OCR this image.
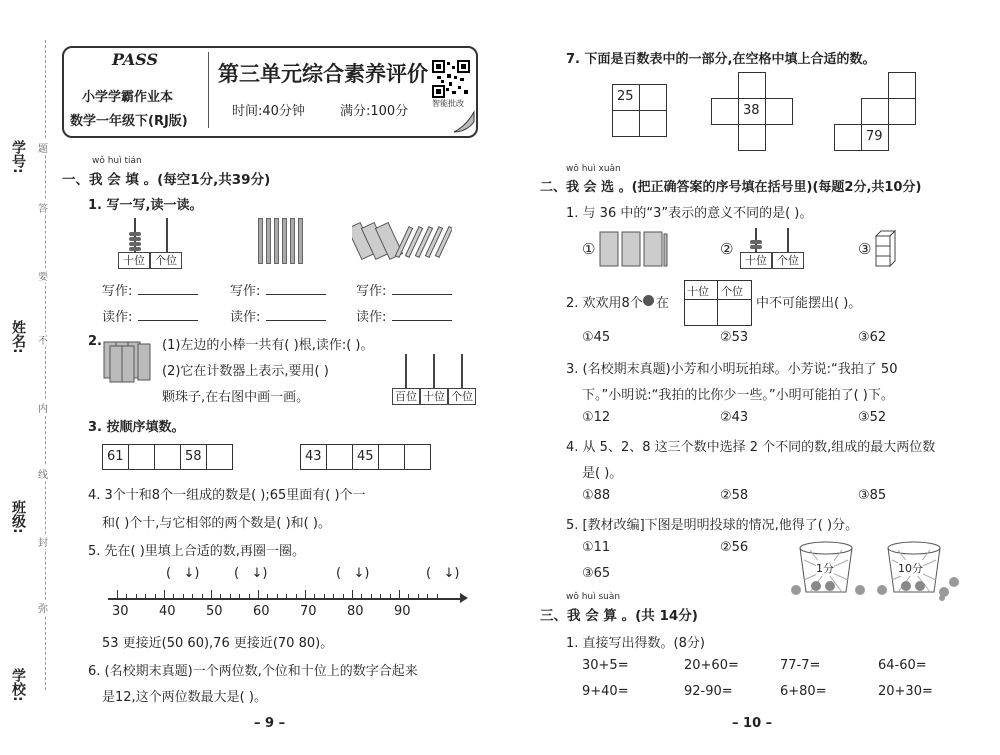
学号:
姓名:
班级:
学校:
题
答
要
不
内
线
封
弥
PASS
小学学霸作业本
数学一年级下(RJ版)
第三单元综合素养评价
时间:40分钟	满分:100分
智能批改
wǒ huì tián
一、我 会 填 。(每空1分,共39分)
1. 写一写,读一读。
十位 个位
写作:	写作:	写作:
读作:	读作:	读作:
2.	(1)左边的小棒一共有( )根,读作:( )。
(2)它在计数器上表示,要用( )
颗珠子,在右图中画一画。	百位 十位 个位
3. 按顺序填数。
61	58	43	45
4. 3个十和8个一组成的数是( );65里面有( )个一
和( )个十,与它相邻的两个数是( )和( )。
5. 先在( )里填上合适的数,再圈一圈。
(   ↓)	(   ↓)	(   ↓)	(   ↓)
30 40 50 60 70 80 90
53 更接近(50 60),76 更接近(70 80)。
6. (名校期末真题)一个两位数,个位和十位上的数字合起来
是12,这个两位数最大是( )。
– 9 –
7. 下面是百数表中的一部分,在空格中填上合适的数。
25
38
79
wǒ huì xuǎn
二、我 会 选 。(把正确答案的序号填在括号里)(每题2分,共10分)
1. 与 36 中的“3”表示的意义不同的是( )。
①	②
十位 个位
③
2. 欢欢用8个 在
十位 个位
中不可能摆出( )。
①45	②53	③62
3. (名校期末真题)小芳和小明玩拍球。小芳说:“我拍了 50
下。”小明说:“我拍的比你少一些。”小明可能拍了( )下。
①12	②43	③52
4. 从 5、2、8 这三个数中选择 2 个不同的数,组成的最大两位数
是( )。
①88	②58	③85
5. [教材改编]下图是明明投球的情况,他得了( )分。
①11	②56
③65	1分	10分
wǒ huì suàn
三、我 会 算 。(共 14分)
1. 直接写出得数。(8分)
30+5=	20+60=	77-7=	64-60=
9+40=	92-90=	6+80=	20+30=
– 10 –
